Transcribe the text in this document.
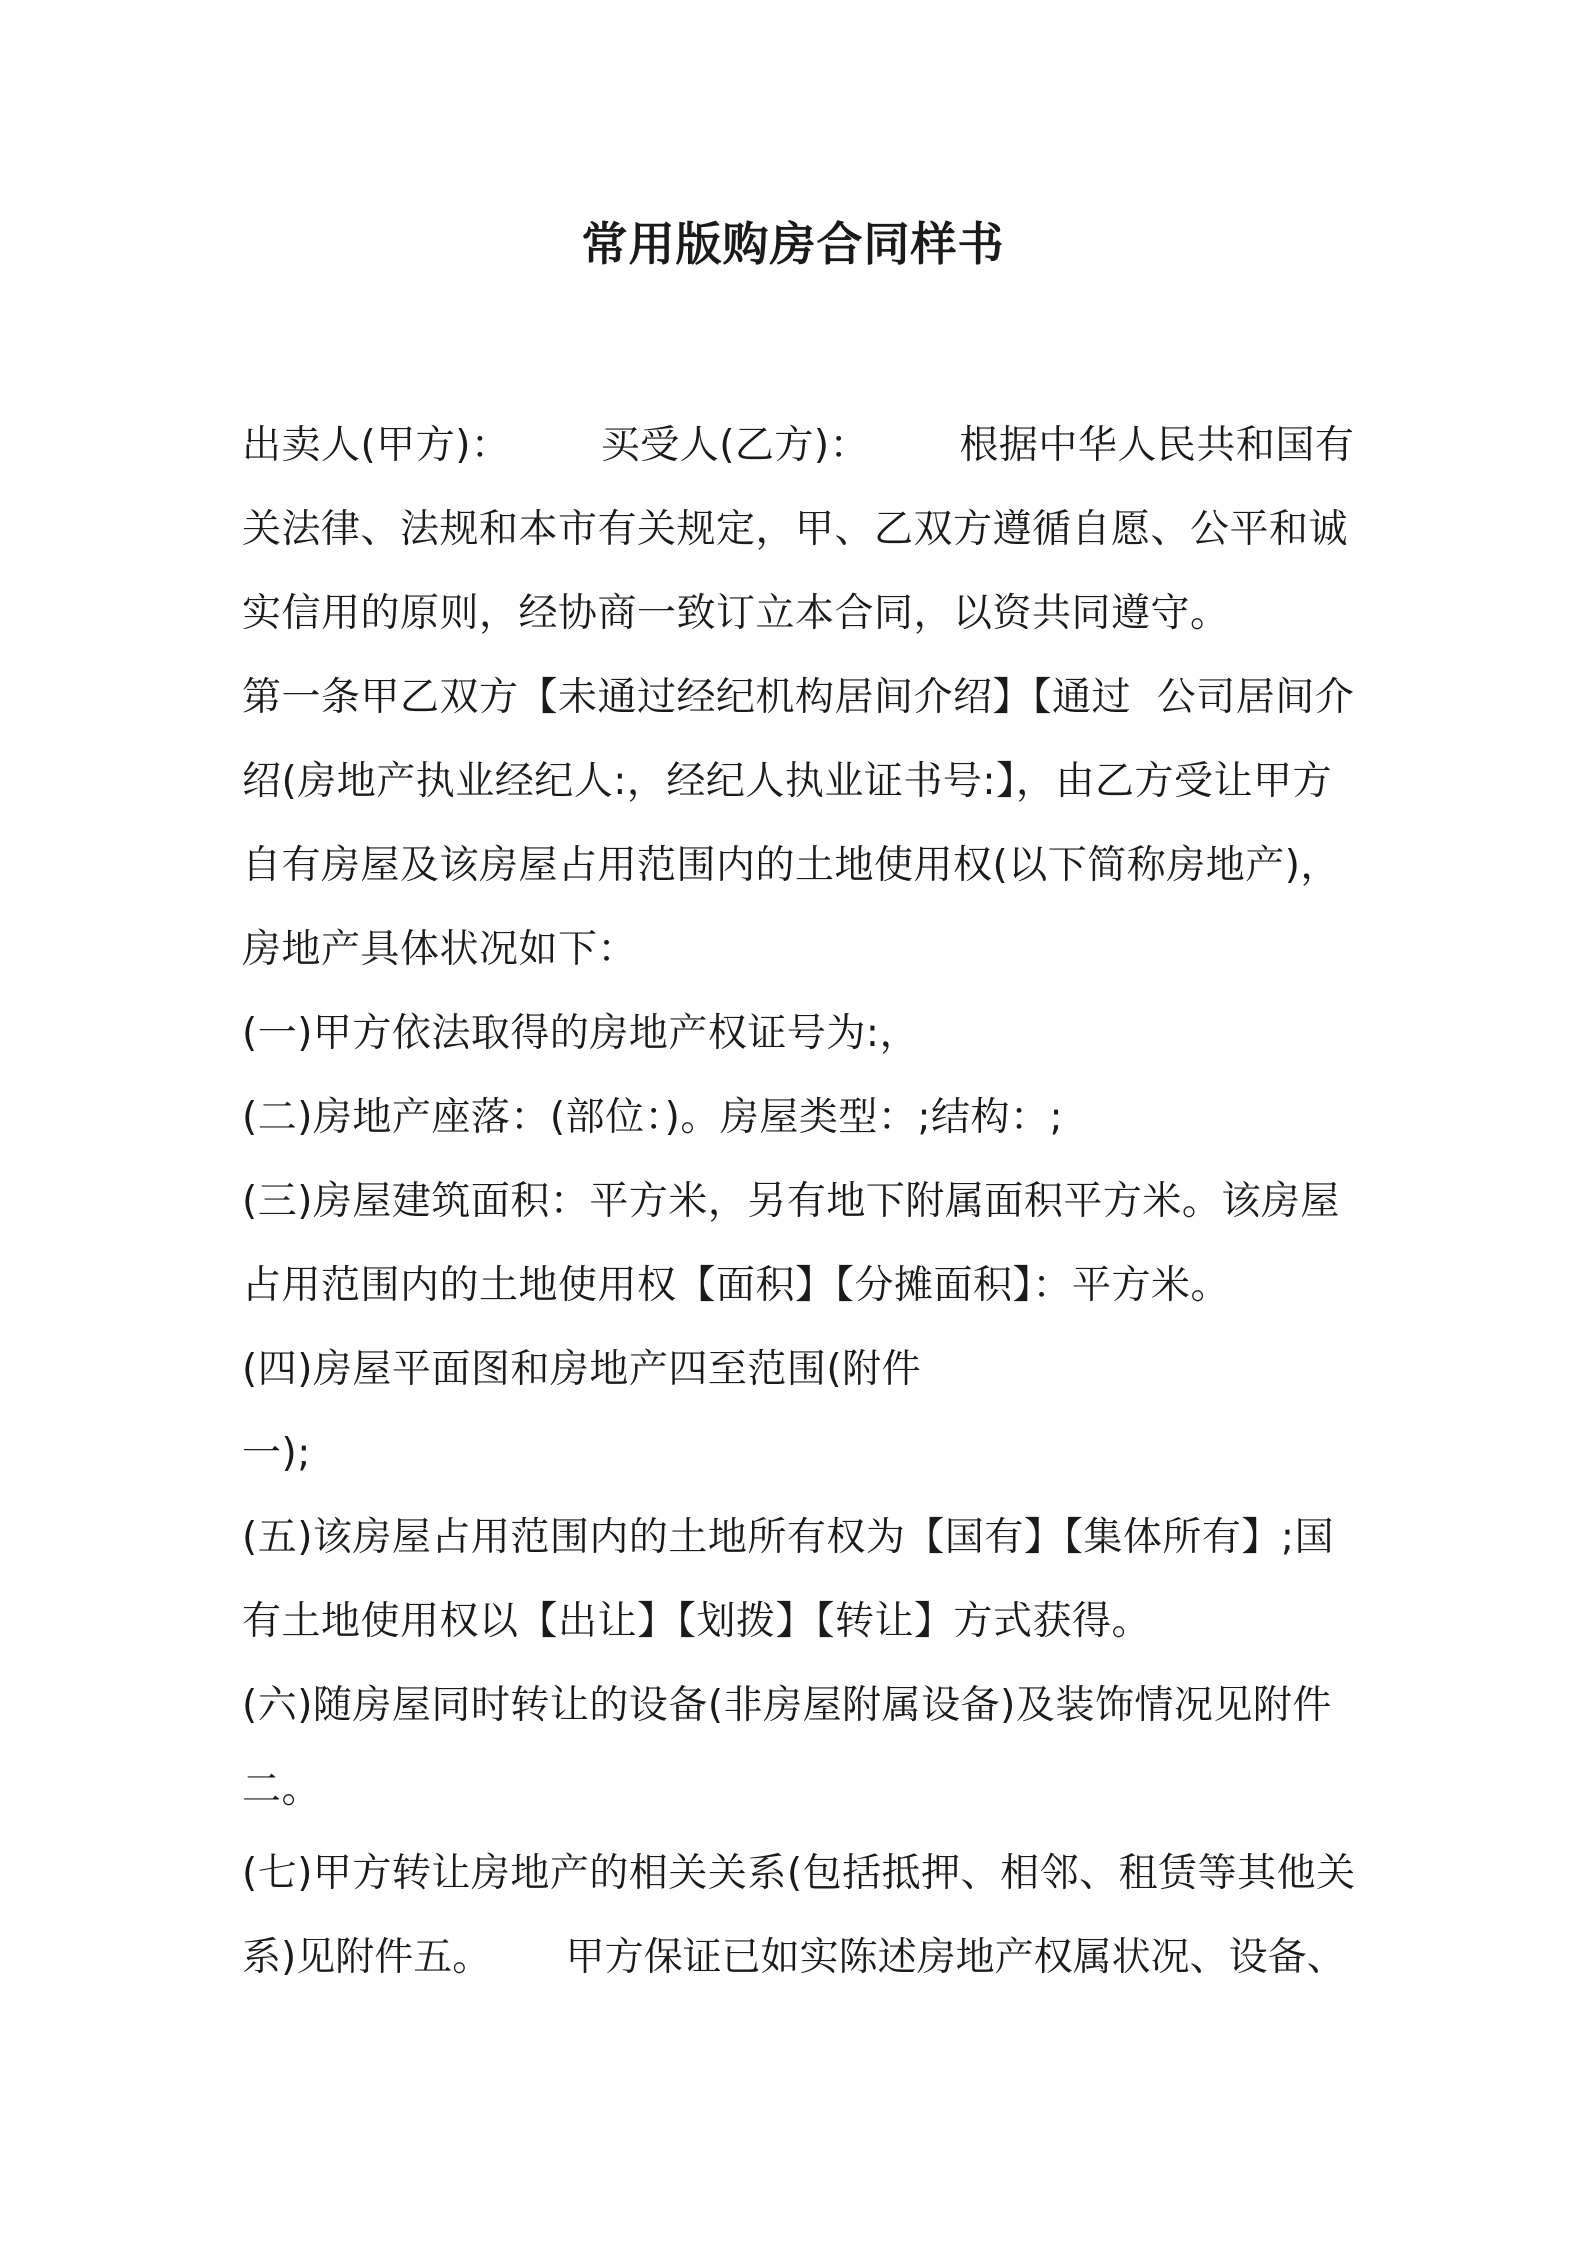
常用版购房合同样书
出卖人(甲方)：       买受人(乙方)：       根据中华人民共和国有
关法律、法规和本市有关规定，甲、乙双方遵循自愿、公平和诚
实信用的原则，经协商一致订立本合同，以资共同遵守。
第一条甲乙双方【未通过经纪机构居间介绍】【通过  公司居间介
绍(房地产执业经纪人:，经纪人执业证书号:】，由乙方受让甲方
自有房屋及该房屋占用范围内的土地使用权(以下简称房地产)，
房地产具体状况如下：
(一)甲方依法取得的房地产权证号为:，
(二)房地产座落：(部位：)。房屋类型：;结构：;
(三)房屋建筑面积：平方米，另有地下附属面积平方米。该房屋
占用范围内的土地使用权【面积】【分摊面积】：平方米。
(四)房屋平面图和房地产四至范围(附件
一);
(五)该房屋占用范围内的土地所有权为【国有】【集体所有】;国
有土地使用权以【出让】【划拨】【转让】方式获得。
(六)随房屋同时转让的设备(非房屋附属设备)及装饰情况见附件
二。
(七)甲方转让房地产的相关关系(包括抵押、相邻、租赁等其他关
系)见附件五。      甲方保证已如实陈述房地产权属状况、设备、
